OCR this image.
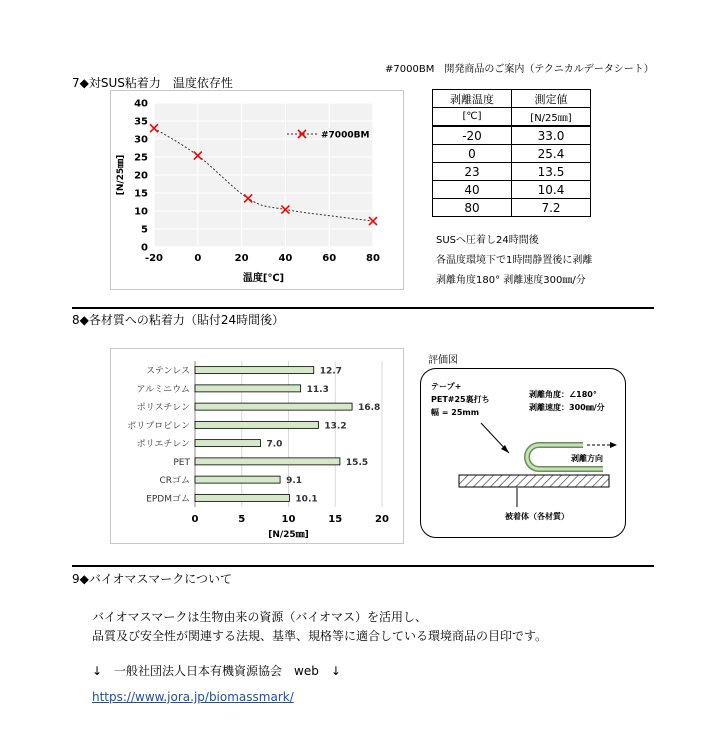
#7000BM　開発商品のご案内（テクニカルデータシート）
7◆対SUS粘着力　温度依存性
0
5
10
15
20
25
30
35
40
-20	0	20	40	60	80
温度[℃]
[N/25㎜]
#7000BM
剥離温度	測定値
[℃]	[N/25㎜]
-20	33.0
0	25.4
23	13.5
40	10.4
80	7.2
SUSへ圧着し24時間後
各温度環境下で1時間静置後に剥離
剥離角度180° 剥離速度300㎜/分
8◆各材質への粘着力（貼付24時間後）
0	5	10	15	20
[N/25㎜]
ステンレス	12.7
アルミニウム	11.3
ポリスチレン	16.8
ポリプロピレン	13.2
ポリエチレン	7.0
PET	15.5
CRゴム	9.1
EPDMゴム	10.1
評価図
テープ+
PET#25裏打ち
幅 = 25mm
剥離角度：∠180°
剥離速度：300㎜/分
剥離方向
被着体（各材質）
9◆バイオマスマークについて
バイオマスマークは生物由来の資源（バイオマス）を活用し、
品質及び安全性が関連する法規、基準、規格等に適合している環境商品の目印です。
↓　一般社団法人日本有機資源協会　web　↓
https://www.jora.jp/biomassmark/
